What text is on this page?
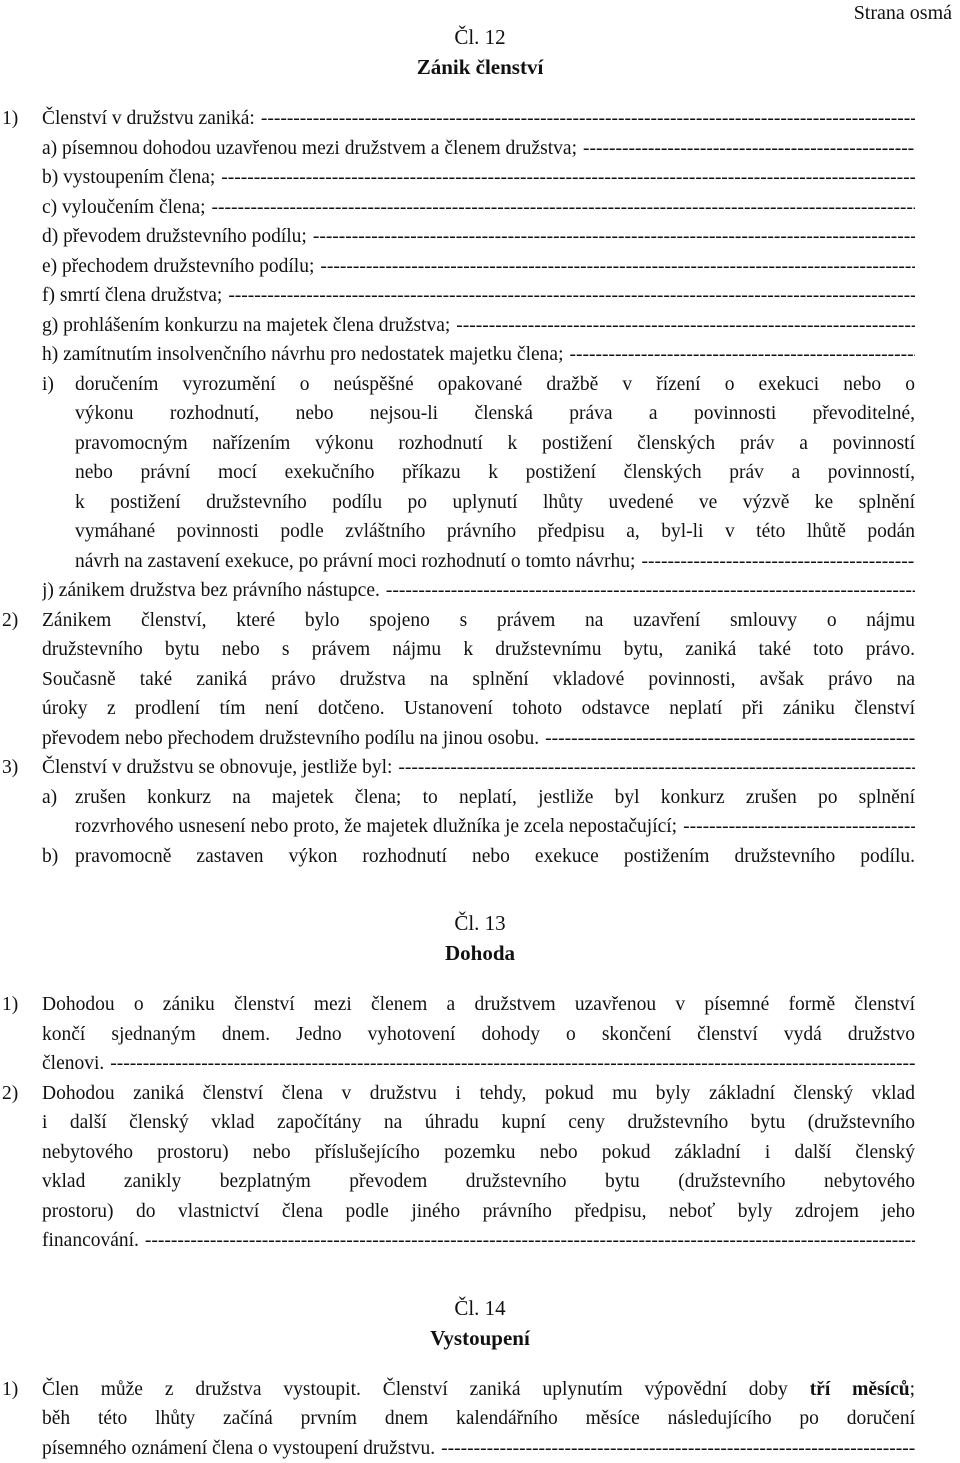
Strana osmá
Čl. 12
Zánik členství
1) Členství v družstvu zaniká:
-----
a) písemnou dohodou uzavřenou mezi družstvem a členem družstva;
-----
b) vystoupením člena;
-----
c) vyloučením člena;
-----
d) převodem družstevního podílu;
-----
e) přechodem družstevního podílu;
-----
f) smrtí člena družstva;
-----
g) prohlášením konkurzu na majetek člena družstva;
-----
h) zamítnutím insolvenčního návrhu pro nedostatek majetku člena;
-----
i) doručením vyrozumění o neúspěšné opakované dražbě v řízení o exekuci nebo o
výkonu rozhodnutí, nebo nejsou-li členská práva a povinnosti převoditelné,
pravomocným nařízením výkonu rozhodnutí k postižení členských práv a povinností
nebo právní mocí exekučního příkazu k postižení členských práv a povinností,
k postižení družstevního podílu po uplynutí lhůty uvedené ve výzvě ke splnění
vymáhané povinnosti podle zvláštního právního předpisu a, byl-li v této lhůtě podán
návrh na zastavení exekuce, po právní moci rozhodnutí o tomto návrhu;
-----
j) zánikem družstva bez právního nástupce.
-----
2) Zánikem členství, které bylo spojeno s právem na uzavření smlouvy o nájmu
družstevního bytu nebo s právem nájmu k družstevnímu bytu, zaniká také toto právo.
Současně také zaniká právo družstva na splnění vkladové povinnosti, avšak právo na
úroky z prodlení tím není dotčeno. Ustanovení tohoto odstavce neplatí při zániku členství
převodem nebo přechodem družstevního podílu na jinou osobu.
-----
3) Členství v družstvu se obnovuje, jestliže byl:
-----
a) zrušen konkurz na majetek člena; to neplatí, jestliže byl konkurz zrušen po splnění
rozvrhového usnesení nebo proto, že majetek dlužníka je zcela nepostačující;
-----
b) pravomocně zastaven výkon rozhodnutí nebo exekuce postižením družstevního podílu.
Čl. 13
Dohoda
1) Dohodou o zániku členství mezi členem a družstvem uzavřenou v písemné formě členství
končí sjednaným dnem. Jedno vyhotovení dohody o skončení členství vydá družstvo
členovi.
-----
2) Dohodou zaniká členství člena v družstvu i tehdy, pokud mu byly základní členský vklad
i další členský vklad započítány na úhradu kupní ceny družstevního bytu (družstevního
nebytového prostoru) nebo příslušejícího pozemku nebo pokud základní i další členský
vklad zanikly bezplatným převodem družstevního bytu (družstevního nebytového
prostoru) do vlastnictví člena podle jiného právního předpisu, neboť byly zdrojem jeho
financování.
-----
Čl. 14
Vystoupení
1) Člen může z družstva vystoupit. Členství zaniká uplynutím výpovědní doby tří měsíců;
běh této lhůty začíná prvním dnem kalendářního měsíce následujícího po doručení
písemného oznámení člena o vystoupení družstvu.
-----
